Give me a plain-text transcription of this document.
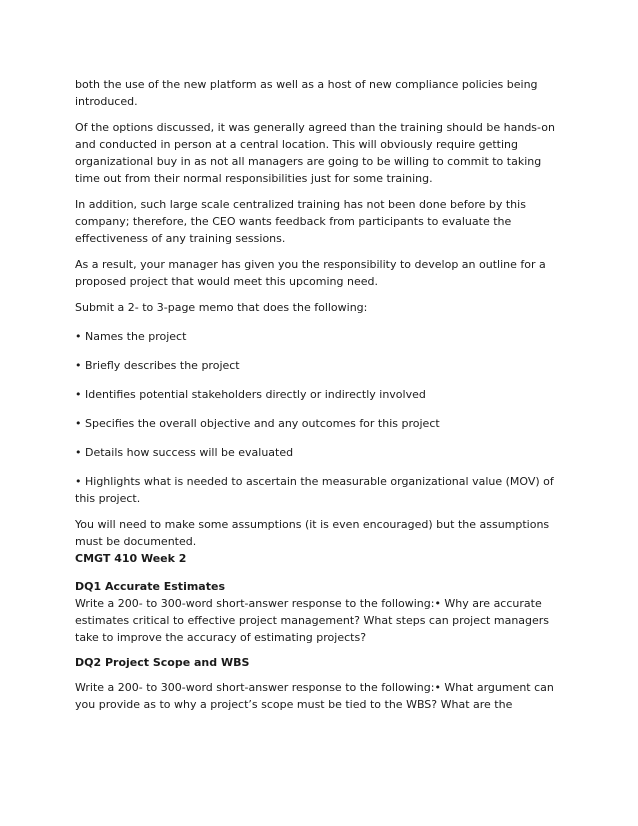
both the use of the new platform as well as a host of new compliance policies being introduced.

Of the options discussed, it was generally agreed than the training should be hands-on and conducted in person at a central location. This will obviously require getting organizational buy in as not all managers are going to be willing to commit to taking time out from their normal responsibilities just for some training.

In addition, such large scale centralized training has not been done before by this company; therefore, the CEO wants feedback from participants to evaluate the effectiveness of any training sessions.

As a result, your manager has given you the responsibility to develop an outline for a proposed project that would meet this upcoming need.

Submit a 2- to 3-page memo that does the following:

• Names the project

• Briefly describes the project

• Identifies potential stakeholders directly or indirectly involved

• Specifies the overall objective and any outcomes for this project

• Details how success will be evaluated

• Highlights what is needed to ascertain the measurable organizational value (MOV) of this project.

You will need to make some assumptions (it is even encouraged) but the assumptions must be documented.

CMGT 410 Week 2

DQ1 Accurate Estimates

Write a 200- to 300-word short-answer response to the following:• Why are accurate estimates critical to effective project management? What steps can project managers take to improve the accuracy of estimating projects?

DQ2 Project Scope and WBS

Write a 200- to 300-word short-answer response to the following:• What argument can you provide as to why a project’s scope must be tied to the WBS? What are the
